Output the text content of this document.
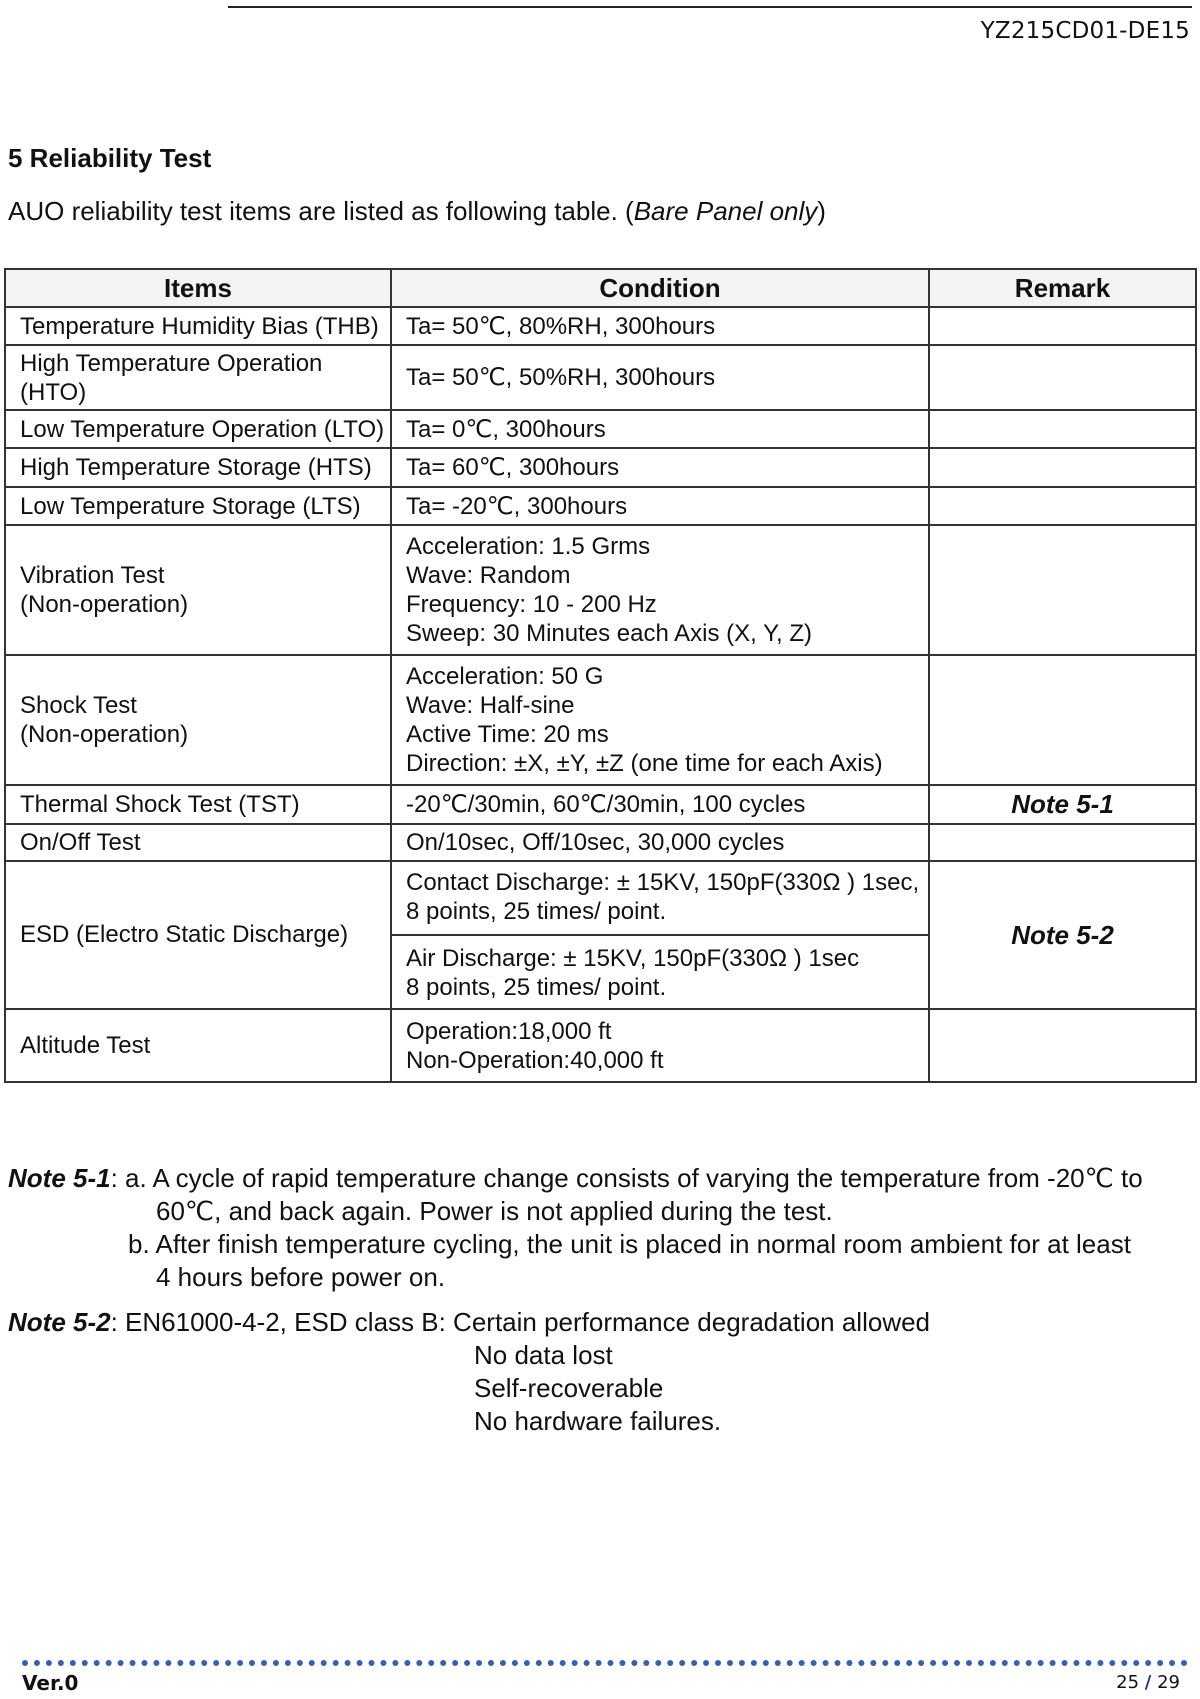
YZ215CD01-DE15
5 Reliability Test
AUO reliability test items are listed as following table. (Bare Panel only)
Items	Condition	Remark

Temperature Humidity Bias (THB)	Ta= 50℃, 80%RH, 300hours	

High Temperature Operation (HTO)	Ta= 50℃, 50%RH, 300hours	

Low Temperature Operation (LTO)	Ta= 0℃, 300hours	

High Temperature Storage (HTS)	Ta= 60℃, 300hours	

Low Temperature Storage (LTS)	Ta= -20℃, 300hours	

Vibration Test
(Non-operation)	Acceleration: 1.5 Grms
Wave: Random
Frequency: 10 - 200 Hz
Sweep: 30 Minutes each Axis (X, Y, Z)	

Shock Test
(Non-operation)	Acceleration: 50 G
Wave: Half-sine
Active Time: 20 ms
Direction: ±X, ±Y, ±Z (one time for each Axis)	

Thermal Shock Test (TST)	-20℃/30min, 60℃/30min, 100 cycles	Note 5-1

On/Off Test	On/10sec, Off/10sec, 30,000 cycles	

ESD (Electro Static Discharge)	Contact Discharge: ± 15KV, 150pF(330Ω ) 1sec,
8 points, 25 times/ point.
Air Discharge: ± 15KV, 150pF(330Ω ) 1sec
8 points, 25 times/ point.	Note 5-2
Altitude Test	Operation:18,000 ft
Non-Operation:40,000 ft	

Note 5-1: a. A cycle of rapid temperature change consists of varying the temperature from -20℃ to
60℃, and back again. Power is not applied during the test.
b. After finish temperature cycling, the unit is placed in normal room ambient for at least
4 hours before power on.
Note 5-2: EN61000-4-2, ESD class B: Certain performance degradation allowed
No data lost
Self-recoverable
No hardware failures.
Ver.0	25 / 29
